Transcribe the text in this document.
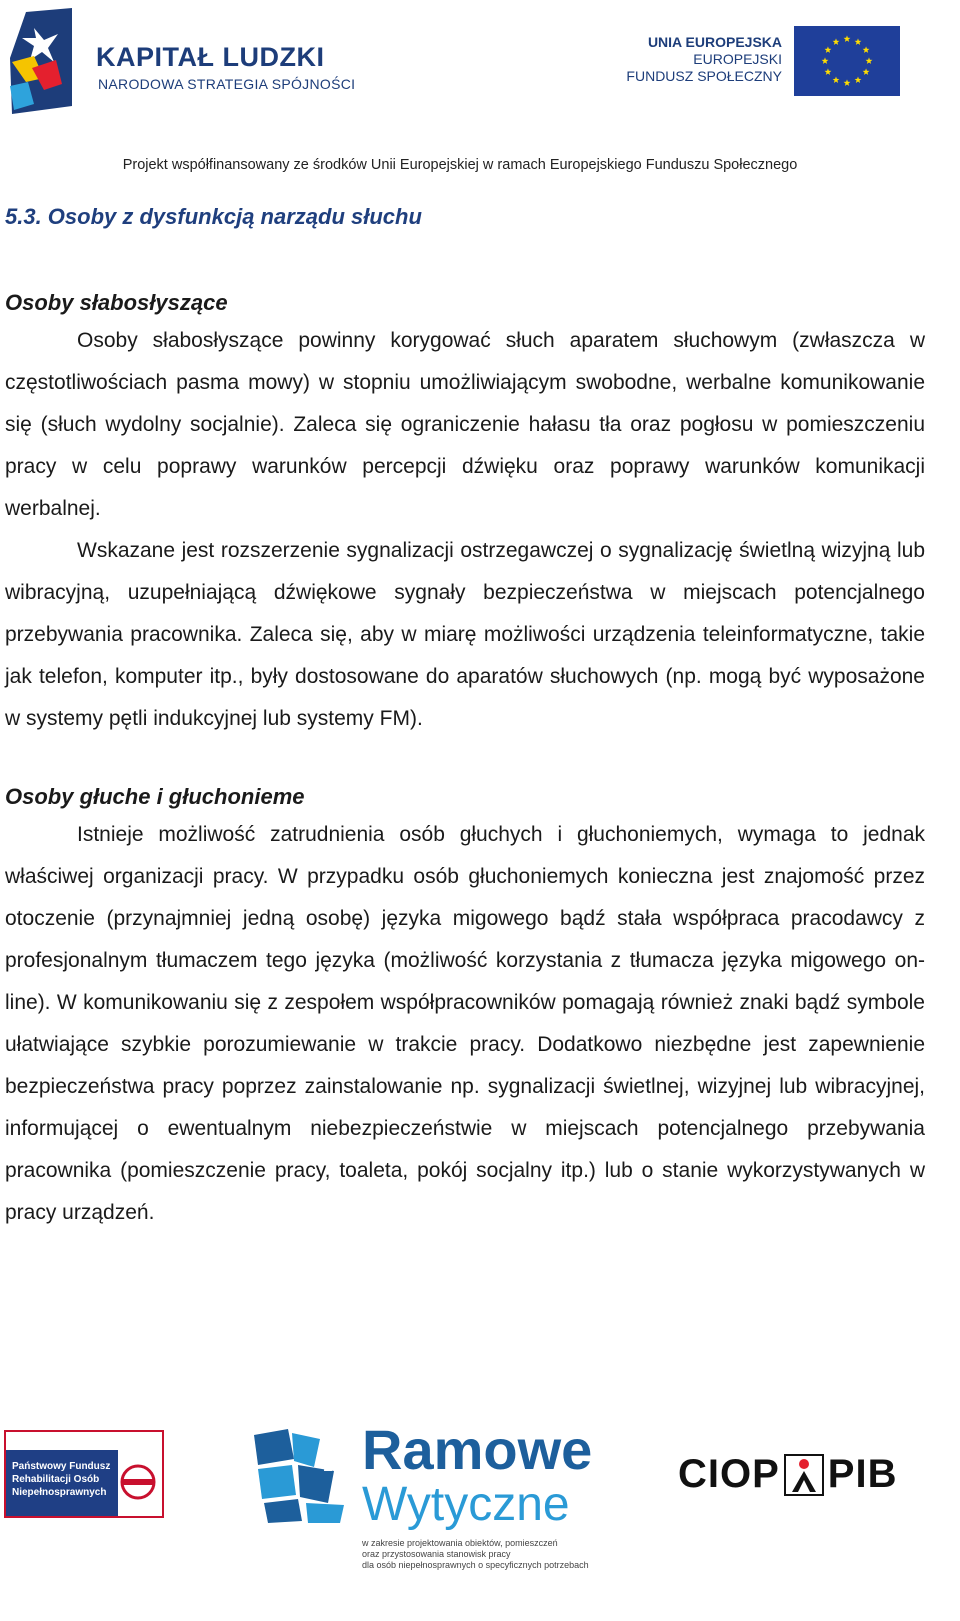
KAPITAŁ LUDZKI
NARODOWA STRATEGIA SPÓJNOŚCI
UNIA EUROPEJSKA
EUROPEJSKI
FUNDUSZ SPOŁECZNY
Projekt współfinansowany ze środków Unii Europejskiej w ramach Europejskiego Funduszu Społecznego
5.3. Osoby z dysfunkcją narządu słuchu
Osoby słabosłyszące

Osoby słabosłyszące powinny korygować słuch aparatem słuchowym (zwłaszcza w częstotliwościach pasma mowy) w stopniu umożliwiającym swobodne, werbalne komunikowanie się (słuch wydolny socjalnie). Zaleca się ograniczenie hałasu tła oraz pogłosu w pomieszczeniu pracy w celu poprawy warunków percepcji dźwięku oraz poprawy warunków komunikacji werbalnej.

Wskazane jest rozszerzenie sygnalizacji ostrzegawczej o sygnalizację świetlną wizyjną lub wibracyjną, uzupełniającą dźwiękowe sygnały bezpieczeństwa w miejscach potencjalnego przebywania pracownika. Zaleca się, aby w miarę możliwości urządzenia teleinformatyczne, takie jak telefon, komputer itp., były dostosowane do aparatów słuchowych (np. mogą być wyposażone w systemy pętli indukcyjnej lub systemy FM).

Osoby głuche i głuchonieme

Istnieje możliwość zatrudnienia osób głuchych i głuchoniemych, wymaga to jednak właściwej organizacji pracy. W przypadku osób głuchoniemych konieczna jest znajomość przez otoczenie (przynajmniej jedną osobę) języka migowego bądź stała współpraca pracodawcy z profesjonalnym tłumaczem tego języka (możliwość korzystania z tłumacza języka migowego on-line). W komunikowaniu się z zespołem współpracowników pomagają również znaki bądź symbole ułatwiające szybkie porozumiewanie w trakcie pracy. Dodatkowo niezbędne jest zapewnienie bezpieczeństwa pracy poprzez zainstalowanie np. sygnalizacji świetlnej, wizyjnej lub wibracyjnej, informującej o ewentualnym niebezpieczeństwie w miejscach potencjalnego przebywania pracownika (pomieszczenie pracy, toaleta, pokój socjalny itp.) lub o stanie wykorzystywanych w pracy urządzeń.

Państwowy Fundusz
Rehabilitacji Osób
Niepełnosprawnych
Ramowe
Wytyczne
w zakresie projektowania obiektów, pomieszczeń
oraz przystosowania stanowisk pracy
dla osób niepełnosprawnych o specyficznych potrzebach
CIOP PIB
